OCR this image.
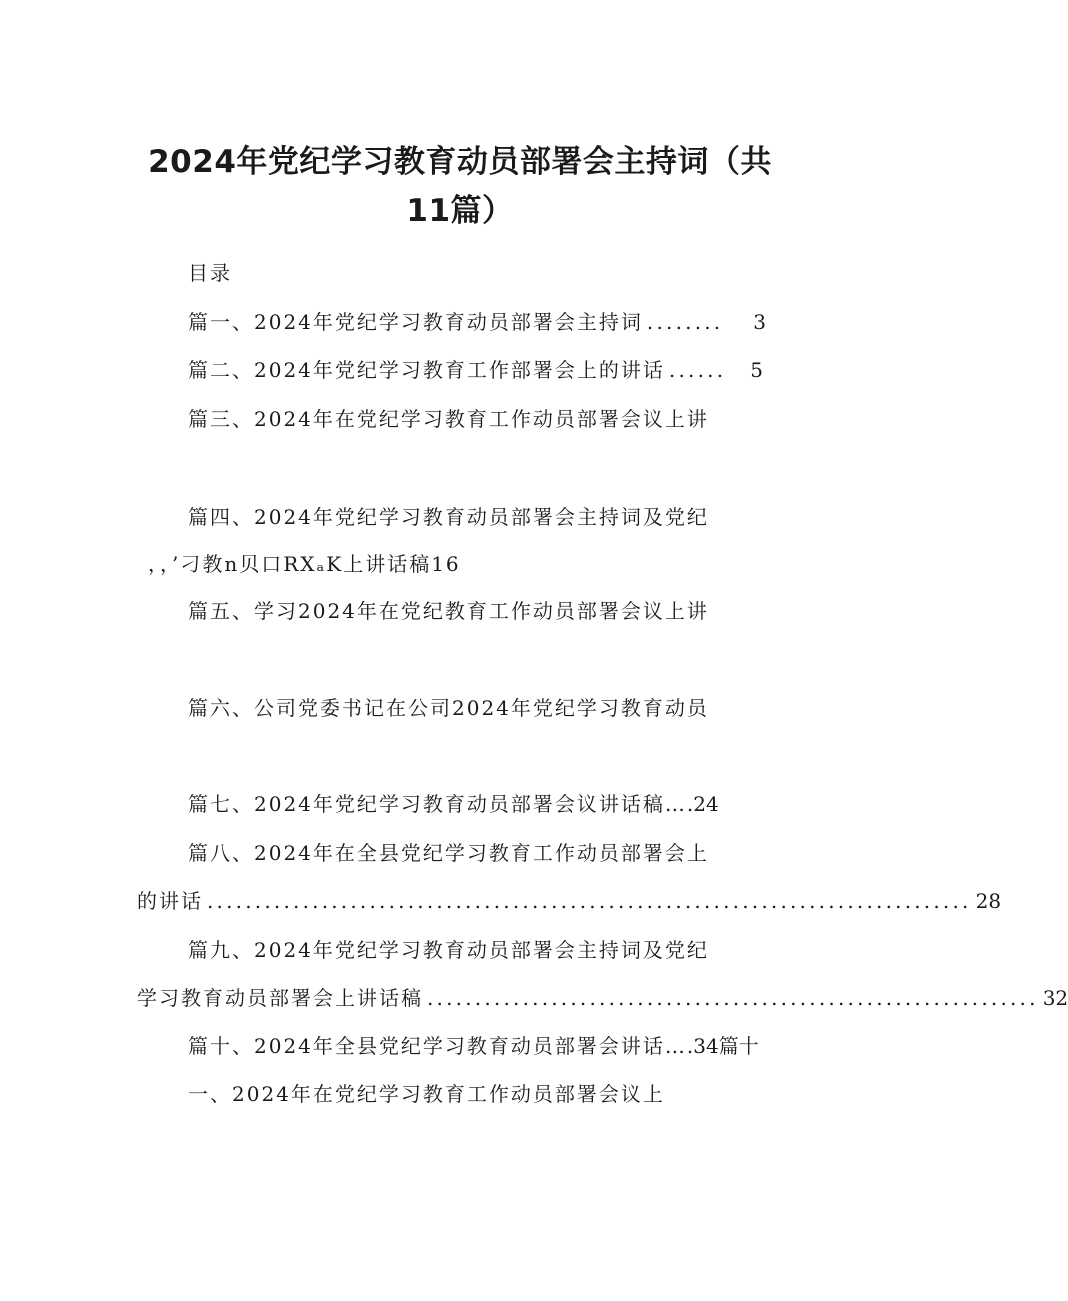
2024年党纪学习教育动员部署会主持词（共
11篇）
目录
篇一、2024年党纪学习教育动员部署会主持词 ........	3
篇二、2024年党纪学习教育工作部署会上的讲话 ......	5
篇三、2024年在党纪学习教育工作动员部署会议上讲
篇四、2024年党纪学习教育动员部署会主持词及党纪
，，’刁教n贝口RXₐK上讲话稿16
篇五、学习2024年在党纪教育工作动员部署会议上讲
篇六、公司党委书记在公司2024年党纪学习教育动员
篇七、2024年党纪学习教育动员部署会议讲话稿… .24
篇八、2024年在全县党纪学习教育工作动员部署会上
的讲话 ................................................................................ 28
篇九、2024年党纪学习教育动员部署会主持词及党纪
学习教育动员部署会上讲话稿 ................................................................ 32
篇十、2024年全县党纪学习教育动员部署会讲话… .34篇十
一、2024年在党纪学习教育工作动员部署会议上
